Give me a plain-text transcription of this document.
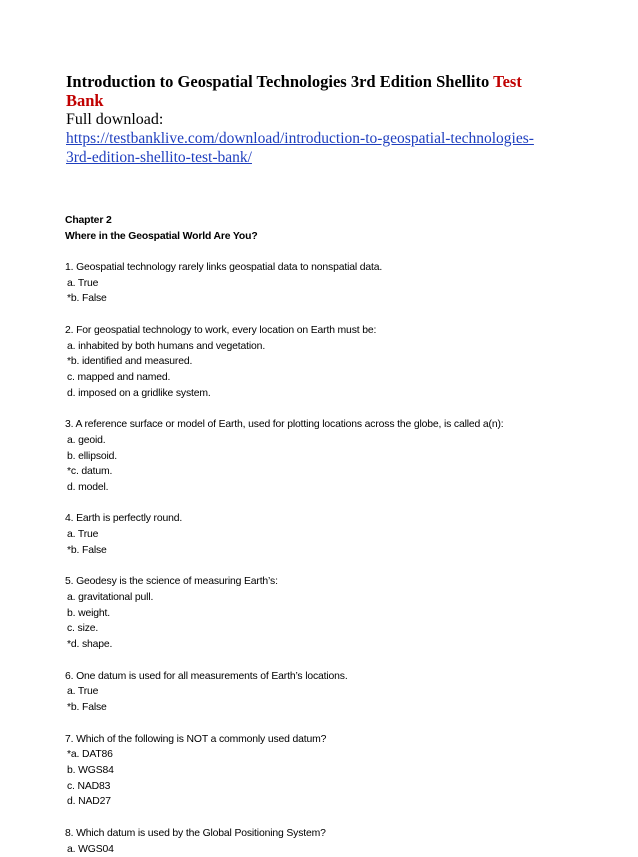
Introduction to Geospatial Technologies 3rd Edition Shellito Test Bank

Full download:

https://testbanklive.com/download/introduction-to-geospatial-technologies-3rd-edition-shellito-test-bank/

Chapter 2

Where in the Geospatial World Are You?

1. Geospatial technology rarely links geospatial data to nonspatial data.

a. True

*b. False

2. For geospatial technology to work, every location on Earth must be:

a. inhabited by both humans and vegetation.

*b. identified and measured.

c. mapped and named.

d. imposed on a gridlike system.

3. A reference surface or model of Earth, used for plotting locations across the globe, is called a(n):

a. geoid.

b. ellipsoid.

*c. datum.

d. model.

4. Earth is perfectly round.

a. True

*b. False

5. Geodesy is the science of measuring Earth’s:

a. gravitational pull.

b. weight.

c. size.

*d. shape.

6. One datum is used for all measurements of Earth’s locations.

a. True

*b. False

7. Which of the following is NOT a commonly used datum?

*a. DAT86

b. WGS84

c. NAD83

d. NAD27

8. Which datum is used by the Global Positioning System?

a. WGS04
